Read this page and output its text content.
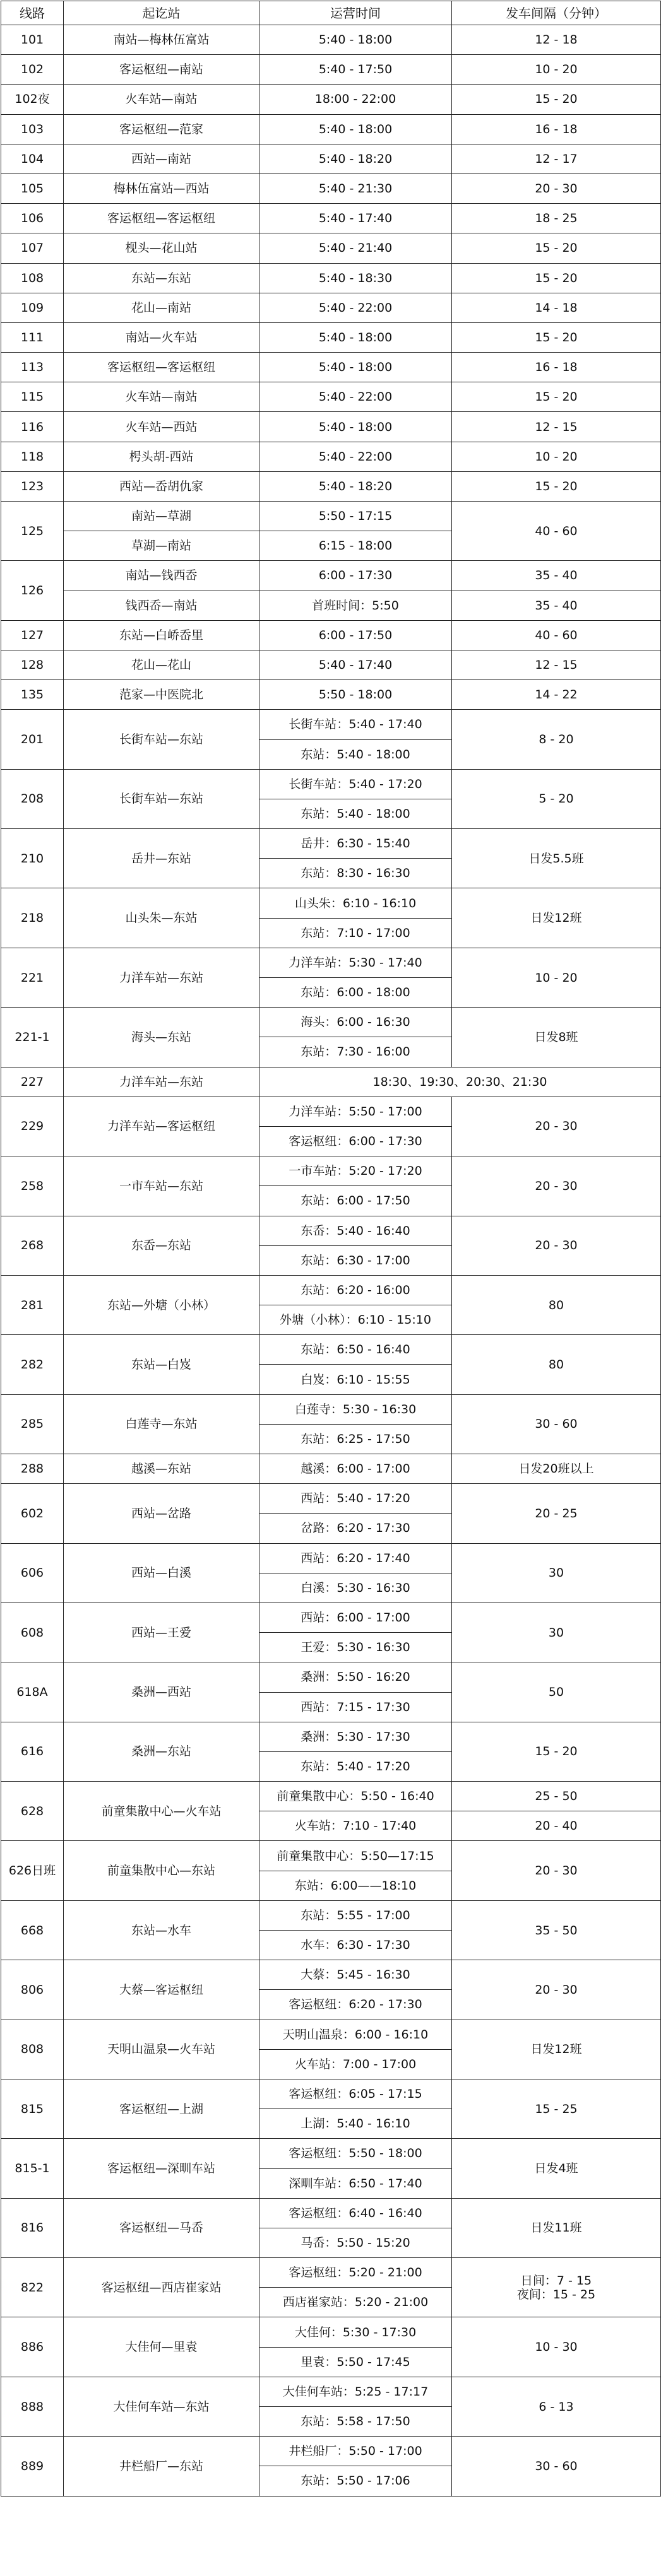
线路	起讫站	运营时间	发车间隔（分钟）
101	南站—梅林伍富站	5:40 - 18:00	12 - 18
102	客运枢纽—南站	5:40 - 17:50	10 - 20
102夜	火车站—南站	18:00 - 22:00	15 - 20
103	客运枢纽—范家	5:40 - 18:00	16 - 18
104	西站—南站	5:40 - 18:20	12 - 17
105	梅林伍富站—西站	5:40 - 21:30	20 - 30
106	客运枢纽—客运枢纽	5:40 - 17:40	18 - 25
107	枧头—花山站	5:40 - 21:40	15 - 20
108	东站—东站	5:40 - 18:30	15 - 20
109	花山—南站	5:40 - 22:00	14 - 18
111	南站—火车站	5:40 - 18:00	15 - 20
113	客运枢纽—客运枢纽	5:40 - 18:00	16 - 18
115	火车站—南站	5:40 - 22:00	15 - 20
116	火车站—西站	5:40 - 18:00	12 - 15
118	枵头胡-西站	5:40 - 22:00	10 - 20
123	西站—岙胡仇家	5:40 - 18:20	15 - 20
125	南站—草湖	5:50 - 17:15	40 - 60
	草湖—南站	6:15 - 18:00	
126	南站—钱西岙	6:00 - 17:30	35 - 40
	钱西岙—南站	首班时间：5:50	35 - 40
127	东站—白峤岙里	6:00 - 17:50	40 - 60
128	花山—花山	5:40 - 17:40	12 - 15
135	范家—中医院北	5:50 - 18:00	14 - 22
201	长街车站—东站	长街车站：5:40 - 17:40	8 - 20
		东站：5:40 - 18:00	
208	长街车站—东站	长街车站：5:40 - 17:20	5 - 20
		东站：5:40 - 18:00	
210	岳井—东站	岳井：6:30 - 15:40	日发5.5班
		东站：8:30 - 16:30	
218	山头朱—东站	山头朱：6:10 - 16:10	日发12班
		东站：7:10 - 17:00	
221	力洋车站—东站	力洋车站：5:30 - 17:40	10 - 20
		东站：6:00 - 18:00	
221-1	海头—东站	海头：6:00 - 16:30	日发8班
		东站：7:30 - 16:00	
227	力洋车站—东站	18:30、19:30、20:30、21:30	
229	力洋车站—客运枢纽	力洋车站：5:50 - 17:00	20 - 30
		客运枢纽：6:00 - 17:30	
258	一市车站—东站	一市车站：5:20 - 17:20	20 - 30
		东站：6:00 - 17:50	
268	东岙—东站	东岙：5:40 - 16:40	20 - 30
		东站：6:30 - 17:00	
281	东站—外塘（小林）	东站：6:20 - 16:00	80
		外塘（小林）：6:10 - 15:10	
282	东站—白岌	东站：6:50 - 16:40	80
		白岌：6:10 - 15:55	
285	白莲寺—东站	白莲寺：5:30 - 16:30	30 - 60
		东站：6:25 - 17:50	
288	越溪—东站	越溪：6:00 - 17:00	日发20班以上
602	西站—岔路	西站：5:40 - 17:20	20 - 25
		岔路：6:20 - 17:30	
606	西站—白溪	西站：6:20 - 17:40	30
		白溪：5:30 - 16:30	
608	西站—王爱	西站：6:00 - 17:00	30
		王爱：5:30 - 16:30	
618A	桑洲—西站	桑洲：5:50 - 16:20	50
		西站：7:15 - 17:30	
616	桑洲—东站	桑洲：5:30 - 17:30	15 - 20
		东站：5:40 - 17:20	
628	前童集散中心—火车站	前童集散中心：5:50 - 16:40	25 - 50
		火车站：7:10 - 17:40	20 - 40
626日班	前童集散中心—东站	前童集散中心：5:50—17:15	20 - 30
		东站：6:00——18:10	
668	东站—水车	东站：5:55 - 17:00	35 - 50
		水车：6:30 - 17:30	
806	大蔡—客运枢纽	大蔡：5:45 - 16:30	20 - 30
		客运枢纽：6:20 - 17:30	
808	天明山温泉—火车站	天明山温泉：6:00 - 16:10	日发12班
		火车站：7:00 - 17:00	
815	客运枢纽—上湖	客运枢纽：6:05 - 17:15	15 - 25
		上湖：5:40 - 16:10	
815-1	客运枢纽—深甽车站	客运枢纽：5:50 - 18:00	日发4班
		深甽车站：6:50 - 17:40	
816	客运枢纽—马岙	客运枢纽：6:40 - 16:40	日发11班
		马岙：5:50 - 15:20	
822	客运枢纽—西店崔家站	客运枢纽：5:20 - 21:00	日间：7 - 15
夜间：15 - 25
		西店崔家站：5:20 - 21:00	
886	大佳何—里袁	大佳何：5:30 - 17:30	10 - 30
		里袁：5:50 - 17:45	
888	大佳何车站—东站	大佳何车站：5:25 - 17:17	6 - 13
		东站：5:58 - 17:50	
889	井栏船厂—东站	井栏船厂：5:50 - 17:00	30 - 60
		东站：5:50 - 17:06	
